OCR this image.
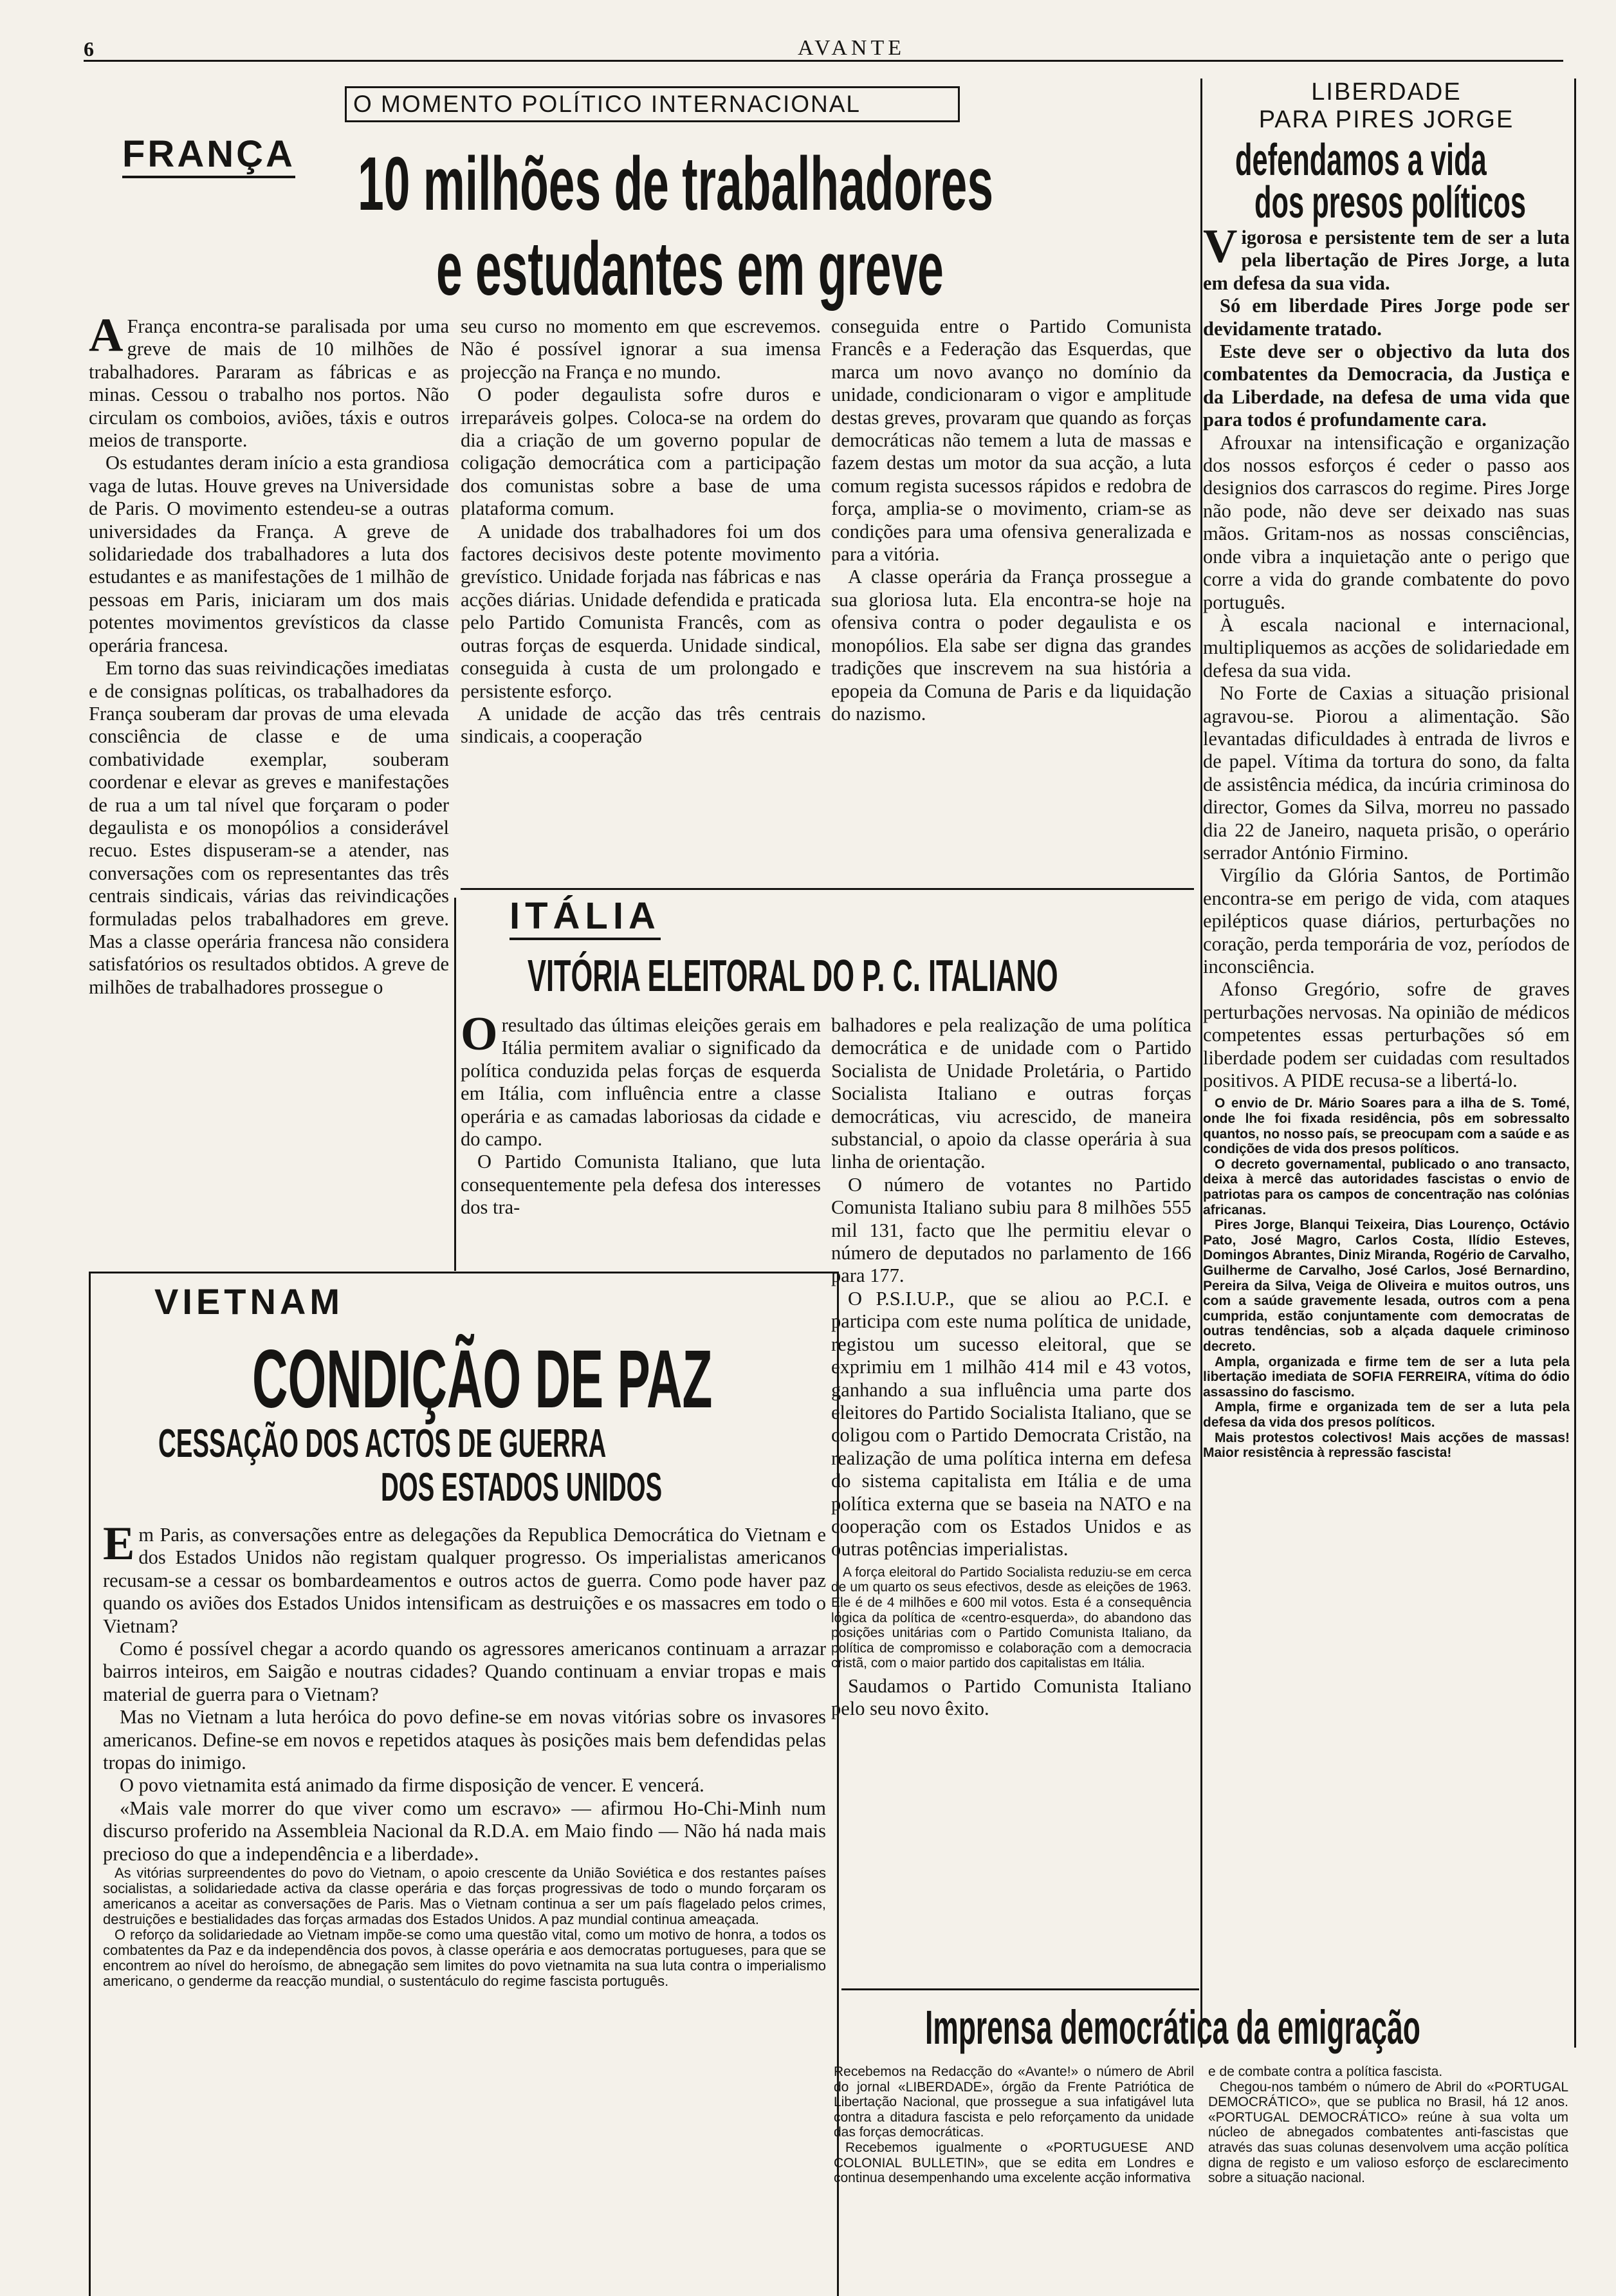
6	AVANTE
FRANÇA
O MOMENTO POLÍTICO INTERNACIONAL
10 milhões de trabalhadores
e estudantes em greve

AFrança encontra-se paralisada por uma greve de mais de 10 milhões de trabalhadores. Pararam as fábricas e as minas. Cessou o trabalho nos portos. Não circulam os comboios, aviões, táxis e outros meios de transporte.

Os estudantes deram início a esta grandiosa vaga de lutas. Houve greves na Universidade de Paris. O movimento estendeu-se a outras universidades da França. A greve de solidariedade dos trabalhadores a luta dos estudantes e as manifestações de 1 milhão de pessoas em Paris, iniciaram um dos mais potentes movimentos grevísticos da classe operária francesa.

Em torno das suas reivindicações imediatas e de consignas políticas, os trabalhadores da França souberam dar provas de uma elevada consciência de classe e de uma combatividade exemplar, souberam coordenar e elevar as greves e manifestações de rua a um tal nível que forçaram o poder degaulista e os monopólios a considerável recuo. Estes dispuseram-se a atender, nas conversações com os representantes das três centrais sindicais, várias das reivindicações formuladas pelos trabalhadores em greve. Mas a classe operária francesa não considera satisfatórios os resultados obtidos. A greve de milhões de trabalhadores prossegue o

seu curso no momento em que escrevemos. Não é possível ignorar a sua imensa projecção na França e no mundo.

O poder degaulista sofre duros e irreparáveis golpes. Coloca-se na ordem do dia a criação de um governo popular de coligação democrática com a participação dos comunistas sobre a base de uma plataforma comum.

A unidade dos trabalhadores foi um dos factores decisivos deste potente movimento grevístico. Unidade forjada nas fábricas e nas acções diárias. Unidade defendida e praticada pelo Partido Comunista Francês, com as outras forças de esquerda. Unidade sindical, conseguida à custa de um prolongado e persistente esforço.

A unidade de acção das três centrais sindicais, a cooperação

conseguida entre o Partido Comunista Francês e a Federação das Esquerdas, que marca um novo avanço no domínio da unidade, condicionaram o vigor e amplitude destas greves, provaram que quando as forças democráticas não temem a luta de massas e fazem destas um motor da sua acção, a luta comum regista sucessos rápidos e redobra de força, amplia-se o movimento, criam-se as condições para uma ofensiva generalizada e para a vitória.

A classe operária da França prossegue a sua gloriosa luta. Ela encontra-se hoje na ofensiva contra o poder degaulista e os monopólios. Ela sabe ser digna das grandes tradições que inscrevem na sua história a epopeia da Comuna de Paris e da liquidação do nazismo.

ITÁLIA
VITÓRIA ELEITORAL DO P. C. ITALIANO

Oresultado das últimas eleições gerais em Itália permitem avaliar o significado da política conduzida pelas forças de esquerda em Itália, com influência entre a classe operária e as camadas laboriosas da cidade e do campo.

O Partido Comunista Italiano, que luta consequentemente pela defesa dos interesses dos tra-

balhadores e pela realização de uma política democrática e de unidade com o Partido Socialista de Unidade Proletária, o Partido Socialista Italiano e outras forças democráticas, viu acrescido, de maneira substancial, o apoio da classe operária à sua linha de orientação.

O número de votantes no Partido Comunista Italiano subiu para 8 milhões 555 mil 131, facto que lhe permitiu elevar o número de deputados no parlamento de 166 para 177.

O P.S.I.U.P., que se aliou ao P.C.I. e participa com este numa política de unidade, registou um sucesso eleitoral, que se exprimiu em 1 milhão 414 mil e 43 votos, ganhando a sua influência uma parte dos eleitores do Partido Socialista Italiano, que se coligou com o Partido Democrata Cristão, na realização de uma política interna em defesa do sistema capitalista em Itália e de uma política externa que se baseia na NATO e na cooperação com os Estados Unidos e as outras potências imperialistas.

A força eleitoral do Partido Socialista reduziu-se em cerca de um quarto os seus efectivos, desde as eleições de 1963. Ele é de 4 milhões e 600 mil votos. Esta é a consequência lógica da política de «centro-esquerda», do abandono das posições unitárias com o Partido Comunista Italiano, da política de compromisso e colaboração com a democracia cristã, com o maior partido dos capitalistas em Itália.

Saudamos o Partido Comunista Italiano pelo seu novo êxito.

VIETNAM
CONDIÇÃO DE PAZ
CESSAÇÃO DOS ACTOS DE GUERRA
DOS ESTADOS UNIDOS

Em Paris, as conversações entre as delegações da Republica Democrática do Vietnam e dos Estados Unidos não registam qualquer progresso. Os imperialistas americanos recusam-se a cessar os bombardeamentos e outros actos de guerra. Como pode haver paz quando os aviões dos Estados Unidos intensificam as destruições e os massacres em todo o Vietnam?

Como é possível chegar a acordo quando os agressores americanos continuam a arrazar bairros inteiros, em Saigão e noutras cidades? Quando continuam a enviar tropas e mais material de guerra para o Vietnam?

Mas no Vietnam a luta heróica do povo define-se em novas vitórias sobre os invasores americanos. Define-se em novos e repetidos ataques às posições mais bem defendidas pelas tropas do inimigo.

O povo vietnamita está animado da firme disposição de vencer. E vencerá.

«Mais vale morrer do que viver como um escravo» — afirmou Ho-Chi-Minh num discurso proferido na Assembleia Nacional da R.D.A. em Maio findo — Não há nada mais precioso do que a independência e a liberdade».

As vitórias surpreendentes do povo do Vietnam, o apoio crescente da União Soviética e dos restantes países socialistas, a solidariedade activa da classe operária e das forças progressivas de todo o mundo forçaram os americanos a aceitar as conversações de Paris. Mas o Vietnam continua a ser um país flagelado pelos crimes, destruições e bestialidades das forças armadas dos Estados Unidos. A paz mundial continua ameaçada.

O reforço da solidariedade ao Vietnam impõe-se como uma questão vital, como um motivo de honra, a todos os combatentes da Paz e da independência dos povos, à classe operária e aos democratas portugueses, para que se encontrem ao nível do heroísmo, de abnegação sem limites do povo vietnamita na sua luta contra o imperialismo americano, o genderme da reacção mundial, o sustentáculo do regime fascista português.

Imprensa democrática da emigração

Recebemos na Redacção do «Avante!» o número de Abril do jornal «LIBERDADE», órgão da Frente Patriótica de Libertação Nacional, que prossegue a sua infatigável luta contra a ditadura fascista e pelo reforçamento da unidade das forças democráticas.

Recebemos igualmente o «PORTUGUESE AND COLONIAL BULLETIN», que se edita em Londres e continua desempenhando uma excelente acção informativa

e de combate contra a política fascista.

Chegou-nos também o número de Abril do «PORTUGAL DEMOCRÁTICO», que se publica no Brasil, há 12 anos. «PORTUGAL DEMOCRÁTICO» reúne à sua volta um núcleo de abnegados combatentes anti-fascistas que através das suas colunas desenvolvem uma acção política digna de registo e um valioso esforço de esclarecimento sobre a situação nacional.

LIBERDADE
PARA PIRES JORGE
defendamos a vida
dos presos políticos

Vigorosa e persistente tem de ser a luta pela libertação de Pires Jorge, a luta em defesa da sua vida.

Só em liberdade Pires Jorge pode ser devidamente tratado.

Este deve ser o objectivo da luta dos combatentes da Democracia, da Justiça e da Liberdade, na defesa de uma vida que para todos é profundamente cara.

Afrouxar na intensificação e organização dos nossos esforços é ceder o passo aos designios dos carrascos do regime. Pires Jorge não pode, não deve ser deixado nas suas mãos. Gritam-nos as nossas consciências, onde vibra a inquietação ante o perigo que corre a vida do grande combatente do povo português.

À escala nacional e internacional, multipliquemos as acções de solidariedade em defesa da sua vida.

No Forte de Caxias a situação prisional agravou-se. Piorou a alimentação. São levantadas dificuldades à entrada de livros e de papel. Vítima da tortura do sono, da falta de assistência médica, da incúria criminosa do director, Gomes da Silva, morreu no passado dia 22 de Janeiro, naqueta prisão, o operário serrador António Firmino.

Virgílio da Glória Santos, de Portimão encontra-se em perigo de vida, com ataques epilépticos quase diários, perturbações no coração, perda temporária de voz, períodos de inconsciência.

Afonso Gregório, sofre de graves perturbações nervosas. Na opinião de médicos competentes essas perturbações só em liberdade podem ser cuidadas com resultados positivos. A PIDE recusa-se a libertá-lo.

O envio de Dr. Mário Soares para a ilha de S. Tomé, onde lhe foi fixada residência, pôs em sobressalto quantos, no nosso país, se preocupam com a saúde e as condições de vida dos presos políticos.

O decreto governamental, publicado o ano transacto, deixa à mercê das autoridades fascistas o envio de patriotas para os campos de concentração nas colónias africanas.

Pires Jorge, Blanqui Teixeira, Dias Lourenço, Octávio Pato, José Magro, Carlos Costa, Ilídio Esteves, Domingos Abrantes, Diniz Miranda, Rogério de Carvalho, Guilherme de Carvalho, José Carlos, José Bernardino, Pereira da Silva, Veiga de Oliveira e muitos outros, uns com a saúde gravemente lesada, outros com a pena cumprida, estão conjuntamente com democratas de outras tendências, sob a alçada daquele criminoso decreto.

Ampla, organizada e firme tem de ser a luta pela libertação imediata de SOFIA FERREIRA, vítima do ódio assassino do fascismo.

Ampla, firme e organizada tem de ser a luta pela defesa da vida dos presos políticos.

Mais protestos colectivos! Mais acções de massas! Maior resistência à repressão fascista!
